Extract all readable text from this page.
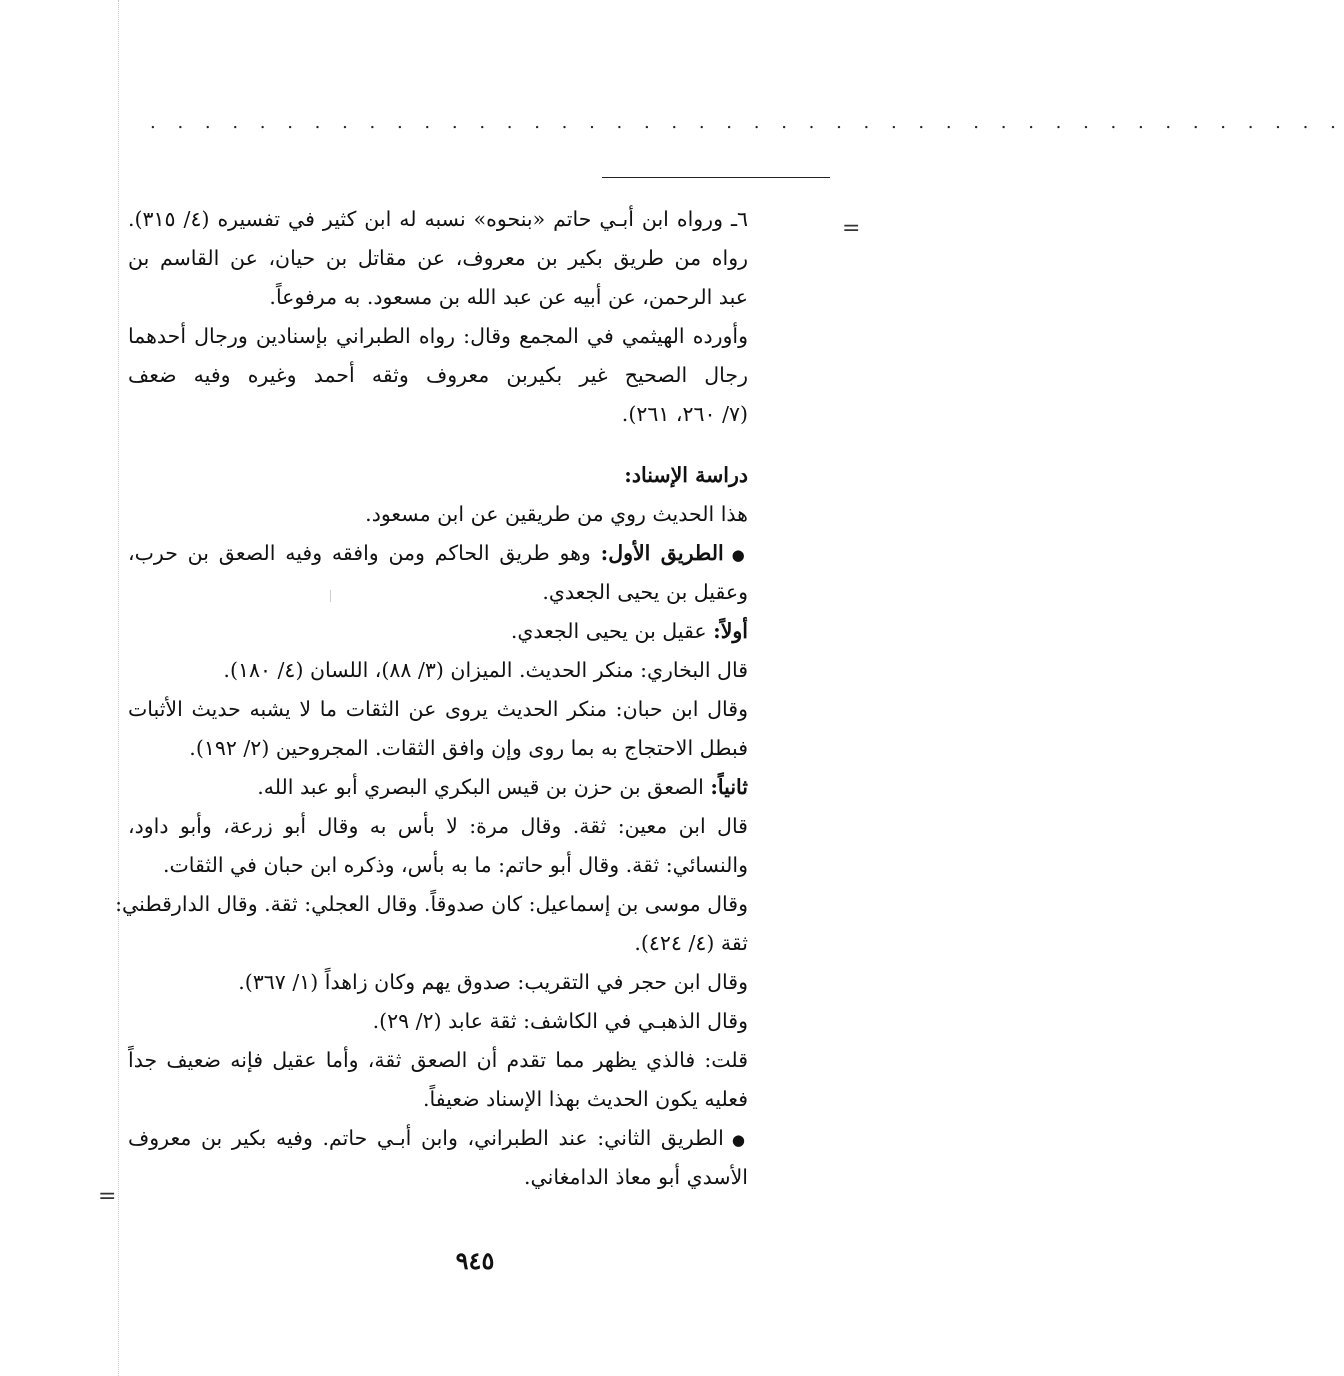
. . . . . . . . . . . . . . . . . . . . . . . . . . . . . . . . . . . . . . . . . . . .
=
=
٦ـ ورواه ابن أبـي حاتم «بنحوه» نسبه له ابن كثير في تفسيره (٤/ ٣١٥).
رواه من طريق بكير بن معروف، عن مقاتل بن حيان، عن القاسم بن
عبد الرحمن، عن أبيه عن عبد الله بن مسعود. به مرفوعاً.
وأورده الهيثمي في المجمع وقال: رواه الطبراني بإسنادين ورجال أحدهما
رجال الصحيح غير بكيربن معروف وثقه أحمد وغيره وفيه ضعف
(٧/ ٢٦٠، ٢٦١).
دراسة الإسناد:
هذا الحديث روي من طريقين عن ابن مسعود.
●الطريق الأول: وهو طريق الحاكم ومن وافقه وفيه الصعق بن حرب،
وعقيل بن يحيى الجعدي.
أولاً: عقيل بن يحيى الجعدي.
قال البخاري: منكر الحديث. الميزان (٣/ ٨٨)، اللسان (٤/ ١٨٠).
وقال ابن حبان: منكر الحديث يروى عن الثقات ما لا يشبه حديث الأثبات
فبطل الاحتجاج به بما روى وإن وافق الثقات. المجروحين (٢/ ١٩٢).
ثانياً: الصعق بن حزن بن قيس البكري البصري أبو عبد الله.
قال ابن معين: ثقة. وقال مرة: لا بأس به وقال أبو زرعة، وأبو داود،
والنسائي: ثقة. وقال أبو حاتم: ما به بأس، وذكره ابن حبان في الثقات.
وقال موسى بن إسماعيل: كان صدوقاً. وقال العجلي: ثقة. وقال الدارقطني:
ثقة (٤/ ٤٢٤).
وقال ابن حجر في التقريب: صدوق يهم وكان زاهداً (١/ ٣٦٧).
وقال الذهبـي في الكاشف: ثقة عابد (٢/ ٢٩).
قلت: فالذي يظهر مما تقدم أن الصعق ثقة، وأما عقيل فإنه ضعيف جداً
فعليه يكون الحديث بهذا الإسناد ضعيفاً.
●الطريق الثاني: عند الطبراني، وابن أبـي حاتم. وفيه بكير بن معروف
الأسدي أبو معاذ الدامغاني.
٩٤٥
